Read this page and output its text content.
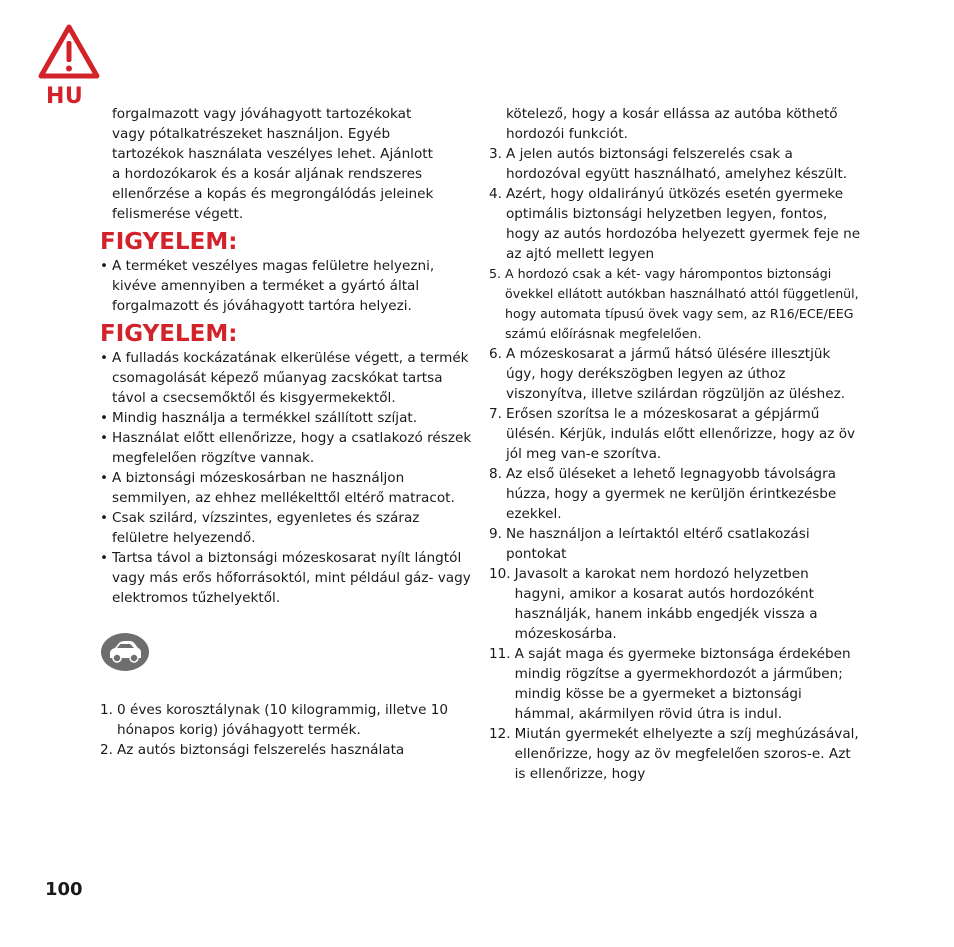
HU
forgalmazott vagy jóváhagyott tartozékokat
vagy pótalkatrészeket használjon. Egyéb
tartozékok használata veszélyes lehet. Ajánlott
a hordozókarok és a kosár aljának rendszeres
ellenőrzése a kopás és megrongálódás jeleinek
felismerése végett.
FIGYELEM:
• A terméket veszélyes magas felületre helyezni, kivéve amennyiben a terméket a gyártó által forgalmazott és jóváhagyott tartóra helyezi.
FIGYELEM:
• A fulladás kockázatának elkerülése végett, a termék csomagolását képező műanyag zacskókat tartsa távol a csecsemőktől és kisgyermekektől.
• Mindig használja a termékkel szállított szíjat.
• Használat előtt ellenőrizze, hogy a csatlakozó részek megfelelően rögzítve vannak.
• A biztonsági mózeskosárban ne használjon semmilyen, az ehhez mellékelttől eltérő matracot.
• Csak szilárd, vízszintes, egyenletes és száraz felületre helyezendő.
• Tartsa távol a biztonsági mózeskosarat nyílt lángtól vagy más erős hőforrásoktól, mint például gáz- vagy elektromos tűzhelyektől.
1. 0 éves korosztálynak (10 kilogrammig, illetve 10 hónapos korig) jóváhagyott termék.
2. Az autós biztonsági felszerelés használata
kötelező, hogy a kosár ellássa az autóba köthető hordozói funkciót.
3. A jelen autós biztonsági felszerelés csak a hordozóval együtt használható, amelyhez készült.
4. Azért, hogy oldalirányú ütközés esetén gyermeke optimális biztonsági helyzetben legyen, fontos, hogy az autós hordozóba helyezett gyermek feje ne az ajtó mellett legyen
5. A hordozó csak a két- vagy hárompontos biztonsági övekkel ellátott autókban használható attól függetlenül, hogy automata típusú övek vagy sem, az R16/ECE/EEG számú előírásnak megfelelően.
6. A mózeskosarat a jármű hátsó ülésére illesztjük úgy, hogy derékszögben legyen az úthoz viszonyítva, illetve szilárdan rögzüljön az üléshez.
7. Erősen szorítsa le a mózeskosarat a gépjármű ülésén. Kérjük, indulás előtt ellenőrizze, hogy az öv jól meg van-e szorítva.
8. Az első üléseket a lehető legnagyobb távolságra húzza, hogy a gyermek ne kerüljön érintkezésbe ezekkel.
9. Ne használjon a leírtaktól eltérő csatlakozási pontokat
10. Javasolt a karokat nem hordozó helyzetben hagyni, amikor a kosarat autós hordozóként használják, hanem inkább engedjék vissza a mózeskosárba.
11. A saját maga és gyermeke biztonsága érdekében mindig rögzítse a gyermekhordozót a járműben; mindig kösse be a gyermeket a biztonsági hámmal, akármilyen rövid útra is indul.
12. Miután gyermekét elhelyezte a szíj meghúzásával, ellenőrizze, hogy az öv megfelelően szoros-e. Azt is ellenőrizze, hogy
100
